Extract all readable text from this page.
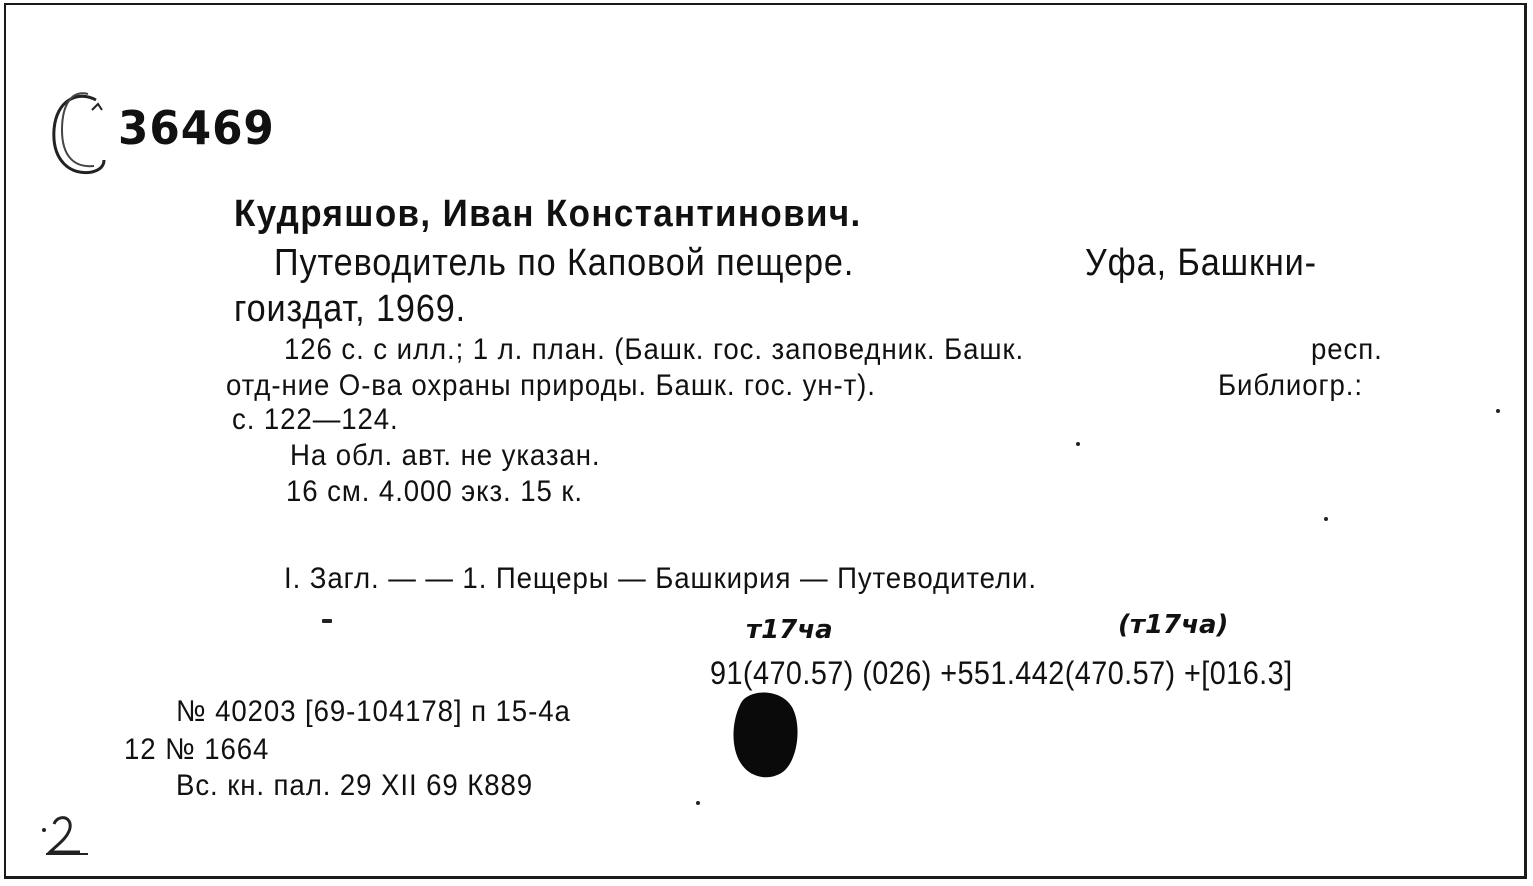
36469
Кудряшов, Иван Константинович.
Путеводитель по Каповой пещере.	Уфа, Башкни-
гоиздат, 1969.
126 с. с илл.; 1 л. план. (Башк. гос. заповедник. Башк.	респ.
отд-ние О-ва охраны природы. Башк. гос. ун-т).	Библиогр.:
с. 122—124.
На обл. авт. не указан.
16 см. 4.000 экз. 15 к.
I. Загл. — — 1. Пещеры — Башкирия — Путеводители.
т17ча	(т17ча)
91(470.57) (026) +551.442(470.57) +[016.3]
№ 40203 [69-104178] п 15-4а
12 № 1664
Вс. кн. пал. 29 XII 69 К889
